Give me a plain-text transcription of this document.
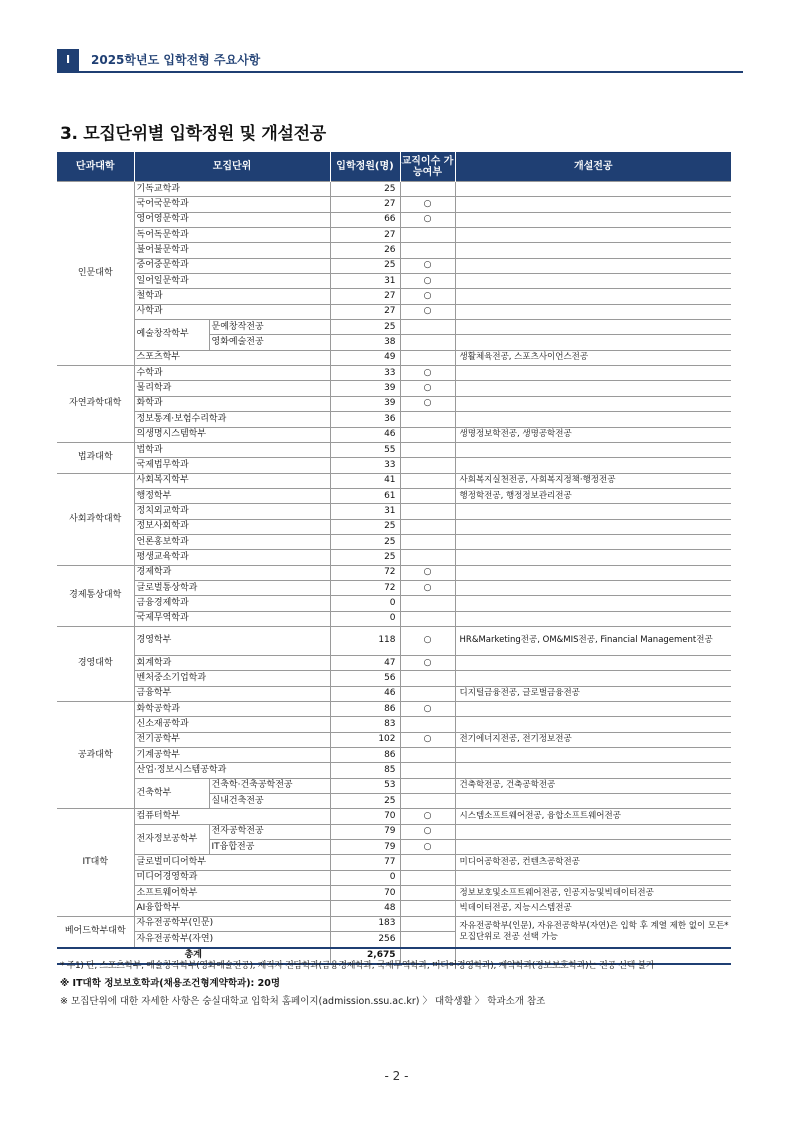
I	2025학년도 입학전형 주요사항
3. 모집단위별 입학정원 및 개설전공
단과대학	모집단위		입학정원(명)	교직이수 가능여부	개설전공
인문대학	기독교학과		25		
	국어국문학과		27	○	
	영어영문학과		66	○	
	독어독문학과		27		
	불어불문학과		26		
	중어중문학과		25	○	
	일어일문학과		31	○	
	철학과		27	○	
	사학과		27	○	
	예술창작학부	문예창작전공	25		
		영화예술전공	38		
	스포츠학부		49		생활체육전공, 스포츠사이언스전공
자연과학대학	수학과		33	○	
	물리학과		39	○	
	화학과		39	○	
	정보통계·보험수리학과		36		
	의생명시스템학부		46		생명정보학전공, 생명공학전공
법과대학	법학과		55		
	국제법무학과		33		
사회과학대학	사회복지학부		41		사회복지실천전공, 사회복지정책·행정전공
	행정학부		61		행정학전공, 행정정보관리전공
	정치외교학과		31		
	정보사회학과		25		
	언론홍보학과		25		
	평생교육학과		25		
경제통상대학	경제학과		72	○	
	글로벌통상학과		72	○	
	금융경제학과		0		
	국제무역학과		0		
경영대학	경영학부		118	○	HR&Marketing전공, OM&MIS전공, Financial Management전공
	회계학과		47	○	
	벤처중소기업학과		56		
	금융학부		46		디지털금융전공, 글로벌금융전공
공과대학	화학공학과		86	○	
	신소재공학과		83		
	전기공학부		102	○	전기에너지전공, 전기정보전공
	기계공학부		86		
	산업·정보시스템공학과		85		
	건축학부	건축학·건축공학전공	53		건축학전공, 건축공학전공
		실내건축전공	25		
IT대학	컴퓨터학부		70	○	시스템소프트웨어전공, 융합소프트웨어전공
	전자정보공학부	전자공학전공	79	○	
		IT융합전공	79	○	
	글로벌미디어학부		77		미디어공학전공, 컨텐츠공학전공
	미디어경영학과		0		
	소프트웨어학부		70		정보보호및소프트웨어전공, 인공지능및빅데이터전공
	AI융합학부		48		빅데이터전공, 지능시스템전공
베어드학부대학	자유전공학부(인문)		183		자유전공학부(인문), 자유전공학부(자연)은 입학 후 계열 제한 없이 모든* 모집단위로 전공 선택 가능
	자유전공학부(자연)		256		
총계			2,675		
* 주1) 단, 스포츠학부, 예술창작학부(영화예술전공), 재직자 전담학과(금융경제학과, 국제무역학과, 미디어경영학과), 계약학과(정보보호학과)는 전공 선택 불가
※ IT대학 정보보호학과(채용조건형계약학과): 20명
※ 모집단위에 대한 자세한 사항은 숭실대학교 입학처 홈페이지(admission.ssu.ac.kr) 〉 대학생활 〉 학과소개 참조
- 2 -
